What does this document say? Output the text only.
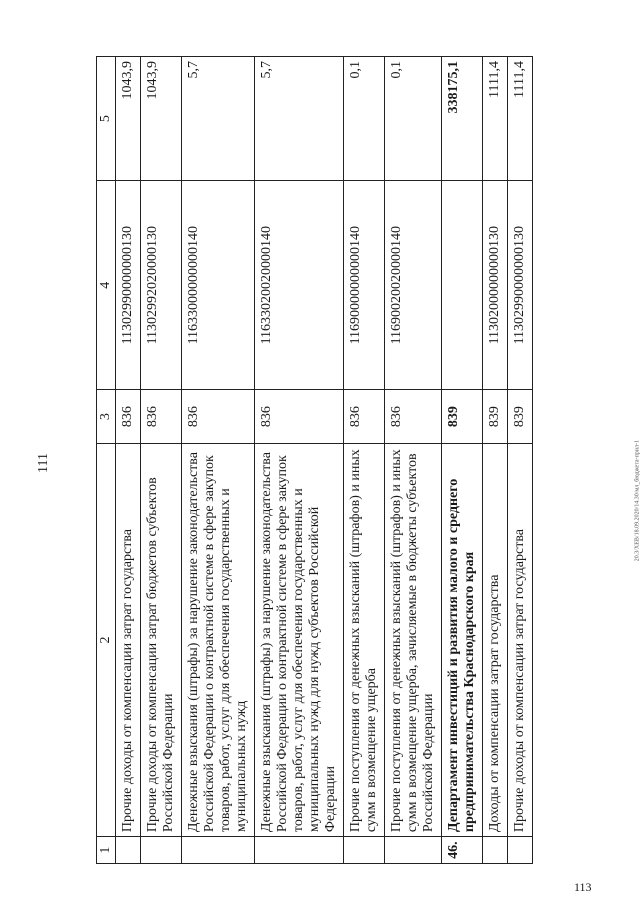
111	20.3/ХЕВ/18.09.2020/14.30/мл_бюджета-прил-1
113
1	2	3	4	5
	Прочие доходы от компенсации затрат государства	836	11302990000000130	1043,9
	Прочие доходы от компенсации затрат бюджетов субъектов Российской Федерации	836	11302992020000130	1043,9
	Денежные взыскания (штрафы) за нарушение законодательства Российской Федерации о контрактной системе в сфере закупок товаров, работ, услуг для обеспечения государственных и муниципальных нужд	836	11633000000000140	5,7
	Денежные взыскания (штрафы) за нарушение законодательства Российской Федерации о контрактной системе в сфере закупок товаров, работ, услуг для обеспечения государственных и муниципальных нужд для нужд субъектов Российской Федерации	836	11633020020000140	5,7
	Прочие поступления от денежных взысканий (штрафов) и иных сумм в возмещение ущерба	836	11690000000000140	0,1
	Прочие поступления от денежных взысканий (штрафов) и иных сумм в возмещение ущерба, зачисляемые в бюджеты субъектов Российской Федерации	836	11690020020000140	0,1
46.	Департамент инвестиций и развития малого и среднего предпринимательства Краснодарского края	839		338175,1
	Доходы от компенсации затрат государства	839	11302000000000130	1111,4
	Прочие доходы от компенсации затрат государства	839	11302990000000130	1111,4
